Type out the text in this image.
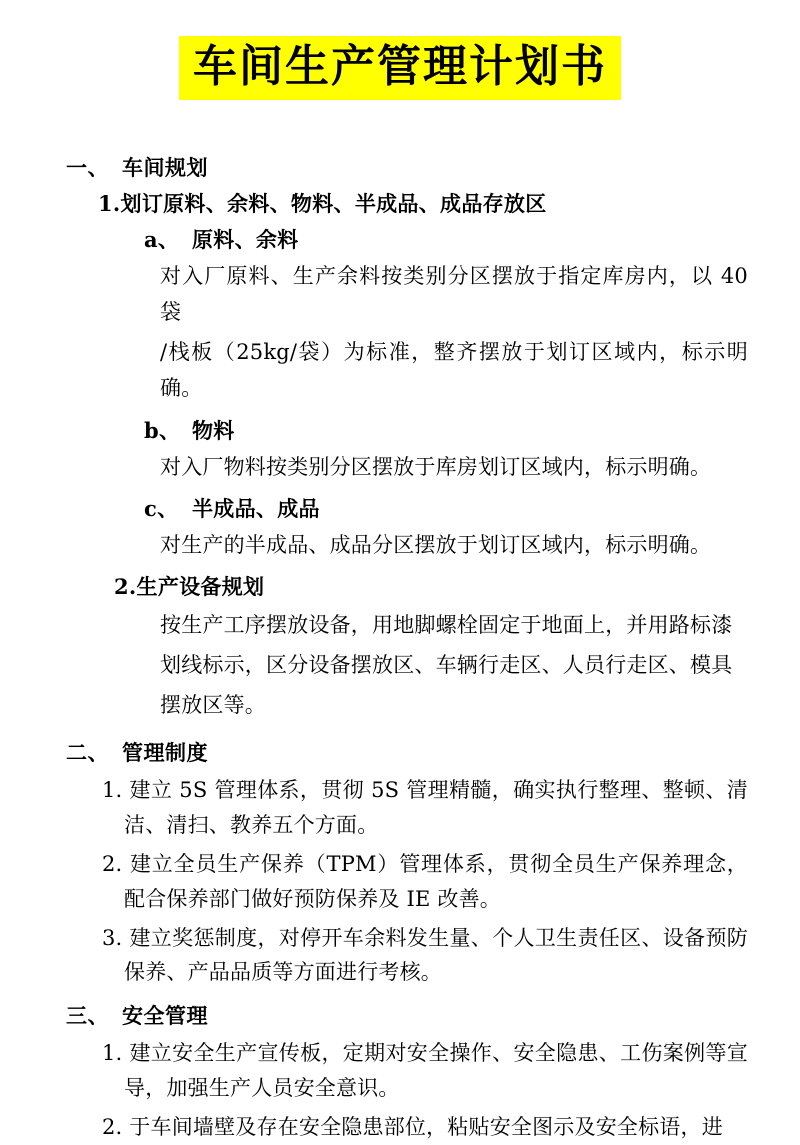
车间生产管理计划书
一、 车间规划
1.划订原料、余料、物料、半成品、成品存放区
a、 原料、余料
对入厂原料、生产余料按类别分区摆放于指定库房内，以 40 袋
/栈板（25kg/袋）为标准，整齐摆放于划订区域内，标示明确。
b、 物料
对入厂物料按类别分区摆放于库房划订区域内，标示明确。
c、 半成品、成品
对生产的半成品、成品分区摆放于划订区域内，标示明确。
2.生产设备规划
按生产工序摆放设备，用地脚螺栓固定于地面上，并用路标漆
划线标示，区分设备摆放区、车辆行走区、人员行走区、模具
摆放区等。
二、 管理制度
1. 建立 5S 管理体系，贯彻 5S 管理精髓，确实执行整理、整顿、清洁、清扫、教养五个方面。
2. 建立全员生产保养（TPM）管理体系，贯彻全员生产保养理念，配合保养部门做好预防保养及 IE 改善。
3. 建立奖惩制度，对停开车余料发生量、个人卫生责任区、设备预防保养、产品品质等方面进行考核。
三、 安全管理
1. 建立安全生产宣传板，定期对安全操作、安全隐患、工伤案例等宣导，加强生产人员安全意识。
2. 于车间墙壁及存在安全隐患部位，粘贴安全图示及安全标语，进
